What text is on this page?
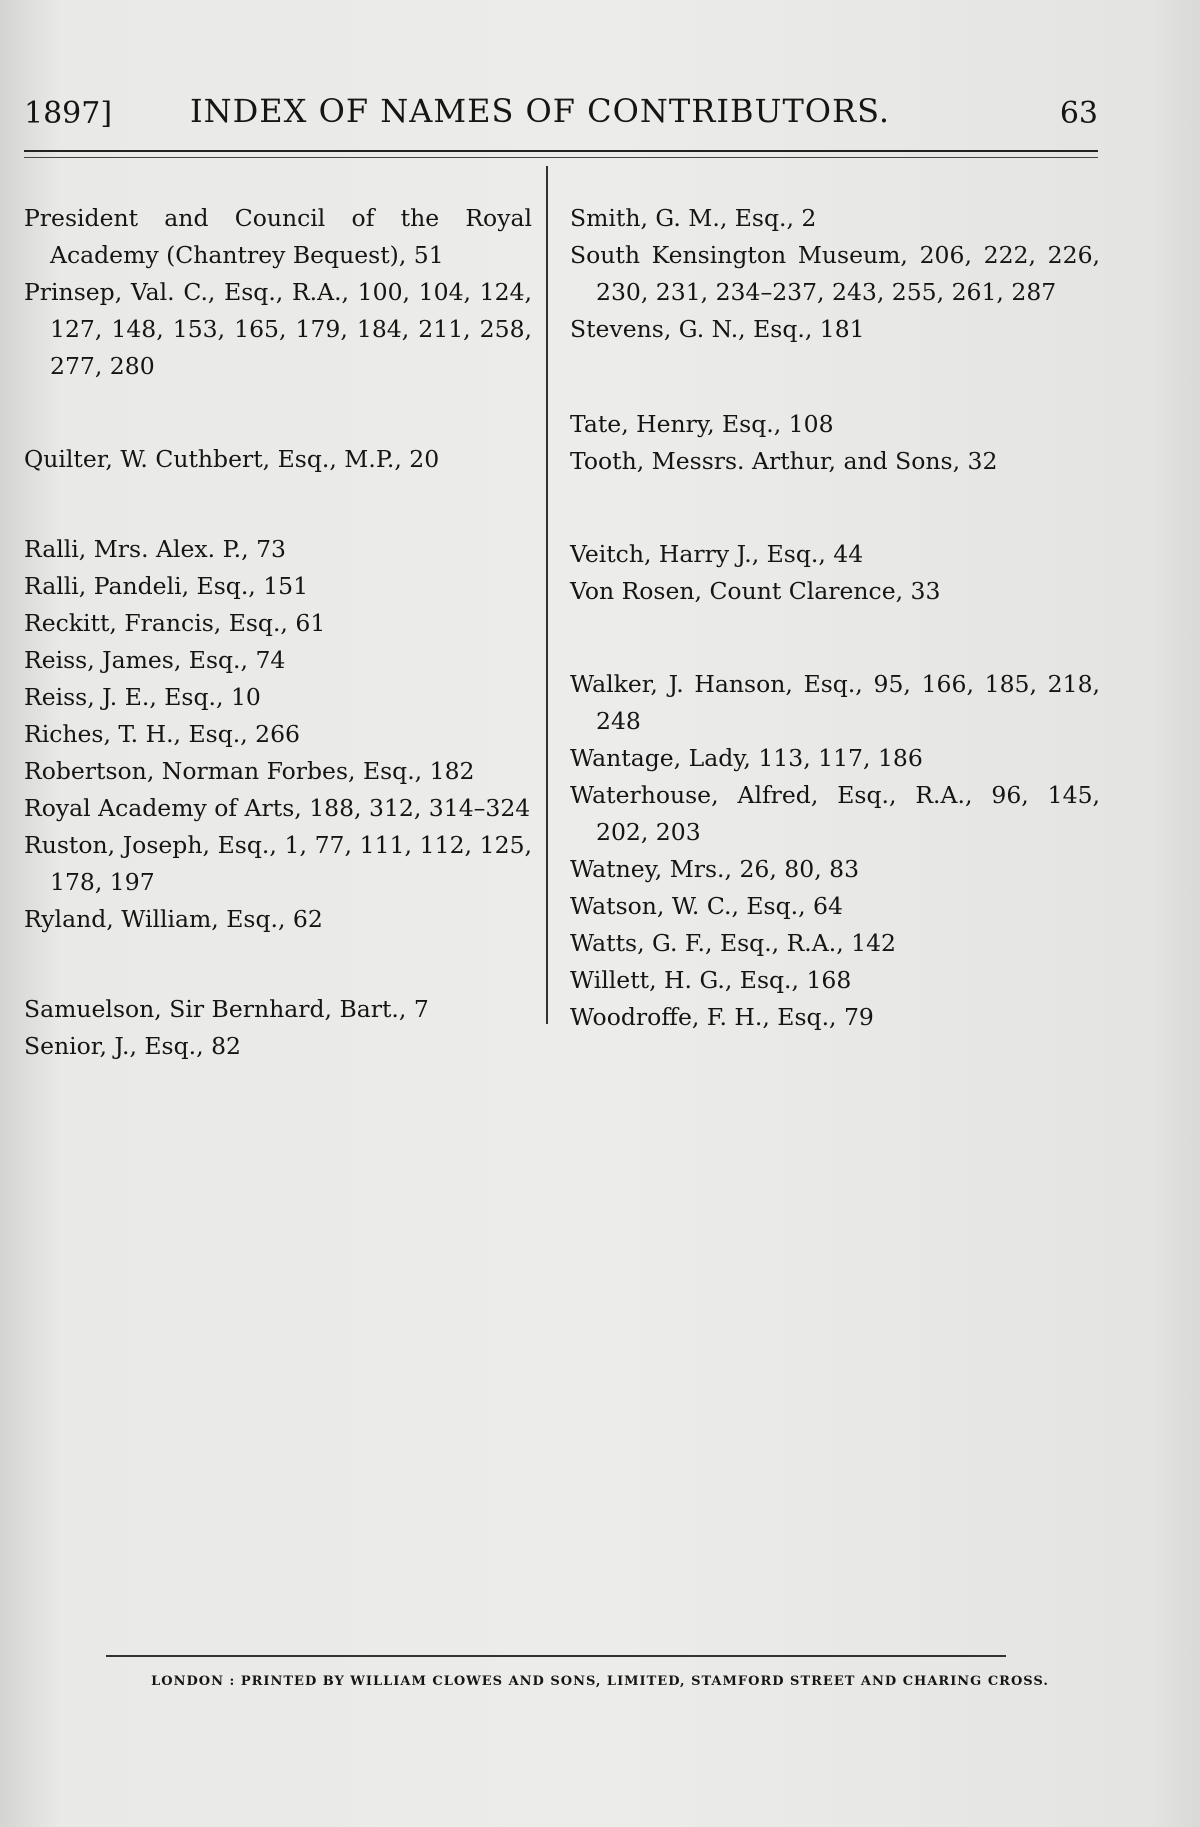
1897] INDEX OF NAMES OF CONTRIBUTORS.	63
President and Council of the Royal Academy (Chantrey Bequest), 51
Prinsep, Val. C., Esq., R.A., 100, 104, 124, 127, 148, 153, 165, 179, 184, 211, 258, 277, 280
Quilter, W. Cuthbert, Esq., M.P., 20
Ralli, Mrs. Alex. P., 73
Ralli, Pandeli, Esq., 151
Reckitt, Francis, Esq., 61
Reiss, James, Esq., 74
Reiss, J. E., Esq., 10
Riches, T. H., Esq., 266
Robertson, Norman Forbes, Esq., 182
Royal Academy of Arts, 188, 312, 314–324
Ruston, Joseph, Esq., 1, 77, 111, 112, 125, 178, 197
Ryland, William, Esq., 62
Samuelson, Sir Bernhard, Bart., 7
Senior, J., Esq., 82
Smith, G. M., Esq., 2
South Kensington Museum, 206, 222, 226, 230, 231, 234–237, 243, 255, 261, 287
Stevens, G. N., Esq., 181
Tate, Henry, Esq., 108
Tooth, Messrs. Arthur, and Sons, 32
Veitch, Harry J., Esq., 44
Von Rosen, Count Clarence, 33
Walker, J. Hanson, Esq., 95, 166, 185, 218, 248
Wantage, Lady, 113, 117, 186
Waterhouse, Alfred, Esq., R.A., 96, 145, 202, 203
Watney, Mrs., 26, 80, 83
Watson, W. C., Esq., 64
Watts, G. F., Esq., R.A., 142
Willett, H. G., Esq., 168
Woodroffe, F. H., Esq., 79
LONDON : PRINTED BY WILLIAM CLOWES AND SONS, LIMITED, STAMFORD STREET AND CHARING CROSS.
